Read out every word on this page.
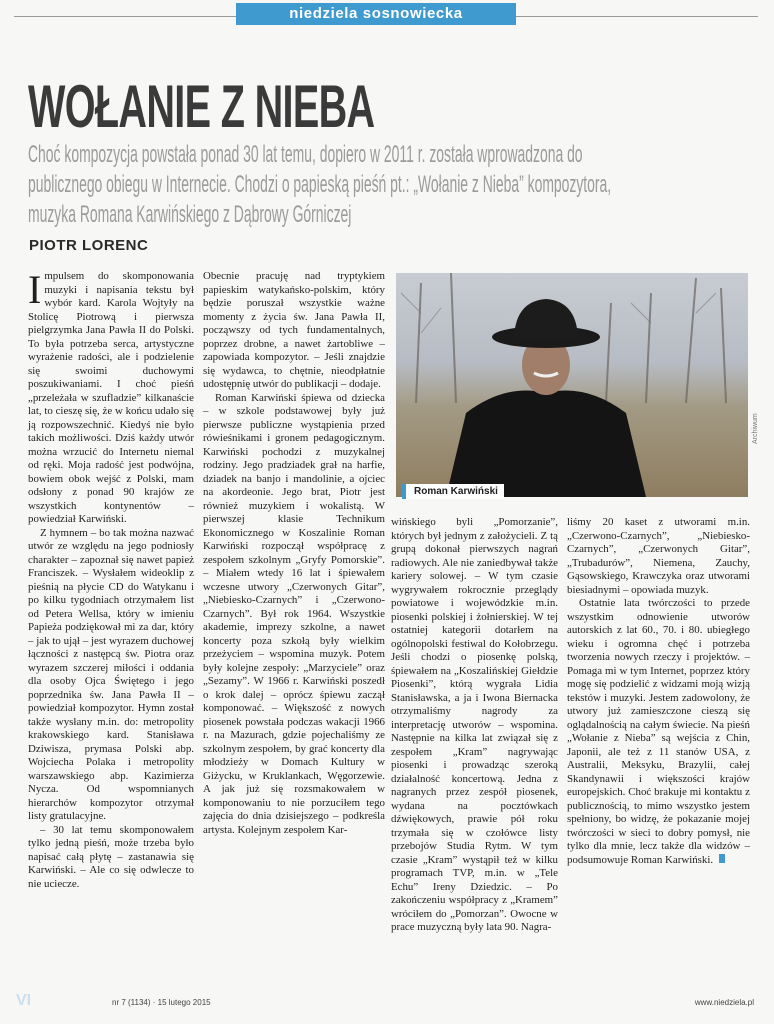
niedziela sosnowiecka
WOŁANIE Z NIEBA
Choć kompozycja powstała ponad 30 lat temu, dopiero w 2011 r. została wprowadzona do publicznego obiegu w Internecie. Chodzi o papieską pieśń pt.: „Wołanie z Nieba” kompozytora, muzyka Romana Karwińskiego z Dąbrowy Górniczej
PIOTR LORENC
Roman Karwiński
Archiwum

Impulsem do skomponowania muzyki i napisania tekstu był wybór kard. Karola Wojtyły na Stolicę Piotrową i pierwsza pielgrzymka Jana Pawła II do Polski. To była potrzeba serca, artystyczne wyrażenie radości, ale i podzielenie się swoimi duchowymi poszukiwaniami. I choć pieśń „przeleżała w szufladzie” kilkanaście lat, to cieszę się, że w końcu udało się ją rozpowszechnić. Kiedyś nie było takich możliwości. Dziś każdy utwór można wrzucić do Internetu niemal od ręki. Moja radość jest podwójna, bowiem obok wejść z Polski, mam odsłony z ponad 90 krajów ze wszystkich kontynentów – powiedział Karwiński.

Z hymnem – bo tak można nazwać utwór ze względu na jego podniosły charakter – zapoznał się nawet papież Franciszek. – Wysłałem wideoklip z pieśnią na płycie CD do Watykanu i po kilku tygodniach otrzymałem list od Petera Wellsa, który w imieniu Papieża podziękował mi za dar, który – jak to ujął – jest wyrazem duchowej łączności z następcą św. Piotra oraz wyrazem szczerej miłości i oddania dla osoby Ojca Świętego i jego poprzednika św. Jana Pawła II – powiedział kompozytor. Hymn został także wysłany m.in. do: metropolity krakowskiego kard. Stanisława Dziwisza, prymasa Polski abp. Wojciecha Polaka i metropolity warszawskiego abp. Kazimierza Nycza. Od wspomnianych hierarchów kompozytor otrzymał listy gratulacyjne.

– 30 lat temu skomponowałem tylko jedną pieśń, może trzeba było napisać całą płytę – zastanawia się Karwiński. – Ale co się odwlecze to nie uciecze.

Obecnie pracuję nad tryptykiem papieskim watykańsko-polskim, który będzie poruszał wszystkie ważne momenty z życia św. Jana Pawła II, począwszy od tych fundamentalnych, poprzez drobne, a nawet żartobliwe – zapowiada kompozytor. – Jeśli znajdzie się wydawca, to chętnie, nieodpłatnie udostępnię utwór do publikacji – dodaje.

Roman Karwiński śpiewa od dziecka – w szkole podstawowej były już pierwsze publiczne wystąpienia przed rówieśnikami i gronem pedagogicznym. Karwiński pochodzi z muzykalnej rodziny. Jego pradziadek grał na harfie, dziadek na banjo i mandolinie, a ojciec na akordeonie. Jego brat, Piotr jest również muzykiem i wokalistą. W pierwszej klasie Technikum Ekonomicznego w Koszalinie Roman Karwiński rozpoczął współpracę z zespołem szkolnym „Gryfy Pomorskie”. – Miałem wtedy 16 lat i śpiewałem wczesne utwory „Czerwonych Gitar”, „Niebiesko-Czarnych” i „Czerwono-Czarnych”. Był rok 1964. Wszystkie akademie, imprezy szkolne, a nawet koncerty poza szkołą były wielkim przeżyciem – wspomina muzyk. Potem były kolejne zespoły: „Marzyciele” oraz „Sezamy”. W 1966 r. Karwiński poszedł o krok dalej – oprócz śpiewu zaczął komponować. – Większość z nowych piosenek powstała podczas wakacji 1966 r. na Mazurach, gdzie pojechaliśmy ze szkolnym zespołem, by grać koncerty dla młodzieży w Domach Kultury w Giżycku, w Kruklankach, Węgorzewie. A jak już się rozsmakowałem w komponowaniu to nie porzuciłem tego zajęcia do dnia dzisiejszego – podkreśla artysta. Kolejnym zespołem Kar-

wińskiego byli „Pomorzanie”, których był jednym z założycieli. Z tą grupą dokonał pierwszych nagrań radiowych. Ale nie zaniedbywał także kariery solowej. – W tym czasie wygrywałem rokrocznie przeglądy powiatowe i wojewódzkie m.in. piosenki polskiej i żołnierskiej. W tej ostatniej kategorii dotarłem na ogólnopolski festiwal do Kołobrzegu. Jeśli chodzi o piosenkę polską, śpiewałem na „Koszalińskiej Giełdzie Piosenki”, którą wygrała Lidia Stanisławska, a ja i Iwona Biernacka otrzymaliśmy nagrody za interpretację utworów – wspomina. Następnie na kilka lat związał się z zespołem „Kram” nagrywając piosenki i prowadząc szeroką działalność koncertową. Jedna z nagranych przez zespół piosenek, wydana na pocztówkach dźwiękowych, prawie pół roku trzymała się w czołówce listy przebojów Studia Rytm. W tym czasie „Kram” wystąpił też w kilku programach TVP, m.in. w „Tele Echu” Ireny Dziedzic. – Po zakończeniu współpracy z „Kramem” wróciłem do „Pomorzan”. Owocne w prace muzyczną były lata 90. Nagra-

liśmy 20 kaset z utworami m.in. „Czerwono-Czarnych”, „Niebiesko-Czarnych”, „Czerwonych Gitar”, „Trubadurów”, Niemena, Zauchy, Gąsowskiego, Krawczyka oraz utworami biesiadnymi – opowiada muzyk.

Ostatnie lata twórczości to przede wszystkim odnowienie utworów autorskich z lat 60., 70. i 80. ubiegłego wieku i ogromna chęć i potrzeba tworzenia nowych rzeczy i projektów. – Pomaga mi w tym Internet, poprzez który mogę się podzielić z widzami moją wizją tekstów i muzyki. Jestem zadowolony, że utwory już zamieszczone cieszą się oglądalnością na całym świecie. Na pieśń „Wołanie z Nieba” są wejścia z Chin, Japonii, ale też z 11 stanów USA, z Australii, Meksyku, Brazylii, całej Skandynawii i większości krajów europejskich. Choć brakuje mi kontaktu z publicznością, to mimo wszystko jestem spełniony, bo widzę, że pokazanie mojej twórczości w sieci to dobry pomysł, nie tylko dla mnie, lecz także dla widzów – podsumowuje Roman Karwiński.

VI	nr 7 (1134) · 15 lutego 2015	www.niedziela.pl
